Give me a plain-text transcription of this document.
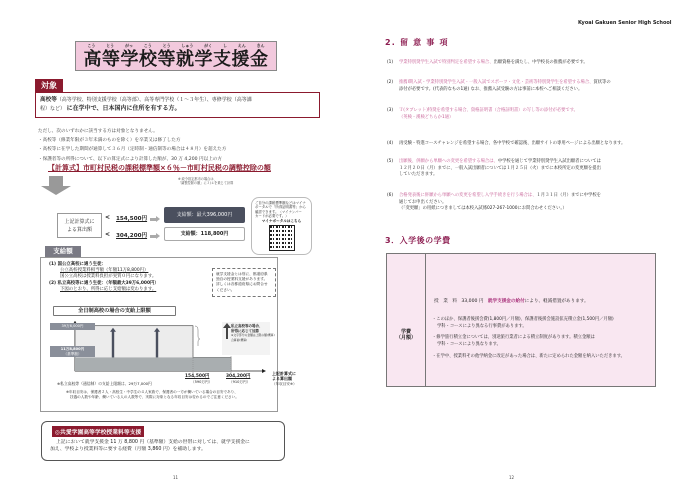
こう	とう	がっ	こう	とう	しゅう	がく	し	えん	きん
高等学校等就学支援金
対象
高校等（高等学校、特別支援学校（高等部）、高等専門学校（１～３年生）、専修学校（高等課
程）など） に在学中で、日本国内に住所を有する方。
ただし、次のいずれかに該当する方は対象となりません。
・高校等（修業年限が３年未満のものを除く）を卒業又は修了した方
・高校等に在学した期間が通算して３６月（定時制・通信制等の場合は４８月）を超えた方
・保護者等の所得について、以下の算定式により計算した額が、30 万 4,200 円以上の方
【計算式】市町村民税の課税標準額×６％－市町村民税の調整控除の額
※ 政令指定都市の場合は、
「調整控除の額」に３/４を乗じて計算
上記計算式に
よる算出額
<
<
154,500円
304,200円
支給額：最大396,000円
支給額：118,800円
ご自分の課税標準額などはマイナ
ポータルで「所得証明書等」から
確認できます。（マイナンバー
カードが必要です。）
マイナポータルはこちら
支給額
(1) 国公立高校に通う生徒：
公立高校授業料相当額（年額11万8,800円）
国公立高校は授業料負担が実質０円になります。
(2) 私立高校等に通う生徒：（年額最大39万6,000円）
下図のとおり、所得に応じ支給額は変わります。
就学支援金とは別に、都道府県
独自の授業料支援があります。
詳しくは各都道府県にお問合せ
ください。
全日制高校の場合の支給上限額
39万6,000円
11万8,800円
（基準額）
私立高校等の場合、
所得に応じて加算
※文字部分の金額は上限の額(概算)
合算前(概算)
※私立高校等（通信制）の支給上限額は、29万7,000円
154,500円
（590万円）
304,200円
（910万円）
上記計算式による算出額
（年収目安※）
※年収目安は、保護者２人・高校生・中学生の４人家族で、保護者の一方が働いている場合の目安であり、
扶養の人数や年齢、働いている人の人数等で、実際に対象となる年収目安は変わるのでご注意ください。
◎共愛学園高等学校授業料等支援
上記において就学支援金 11 万 8,800 円（基準額）支給の世帯に対しては、就学支援金に
加え、学校より授業料等に要する経費（月額 3,860 円）を補助します。
11
Kyoai Gakuen Senior High School
2. 留 意 事 項
(1) 学業特別奨学生入試で特別判定を希望する場合、出願資格を満たし、中学校長の推薦が必要です。
(2) 推薦Ⅰ期入試・学業特別奨学生入試・一般入試でスポーツ・文化・芸術等特別奨学生を希望する場合、賞状等の
添付が必要です。(代表的なもの1通) なお、推薦入試受験の方は事前に本校へご相談ください。
(3) Ｔ(タブレット)特奨を希望する場合、資格証明書（合格証明書）の写し等の添付が必要です。
（英検・漢検どちらか1通）
(4) 再受験・特進コースチャレンジを希望する場合、各中学校で確認後、出願サイトの専用ページによる出願となります。
(5) 出願後、併願から単願への変更を希望する場合は、中学校を通じて学業特別奨学生入試出願者については
１２月２０日（月）までに、一般入試出願者については１月２５日（火）までに本校所定の変更願を提出
していただきます。
(6) 合格発表後に併願から単願への変更を希望し入学手続きを行う場合は、１月３１日（月）までに中学校を
通じてお申出ください。
（「変更願」の用紙につきましては本校入試係027-267-1000にお問合わせください。）
3．入学後の学費
学費
（月額）
授　業　料 33,000 円 就学支援金の給付により、軽減措置があります。
・このほか、保護者後援会費(1,800円／月額)、保護者後援会施設拡充積立金(1,500円／月額)
学科・コースにより異なる行事費があります。
・修学旅行積立金については、別途旅行業者による積立制度があります。積立金額は
学科・コースにより異なります。
・在学中、授業料その他学納金に改定があった場合は、新たに定められた金額を納入いただきます。
12
